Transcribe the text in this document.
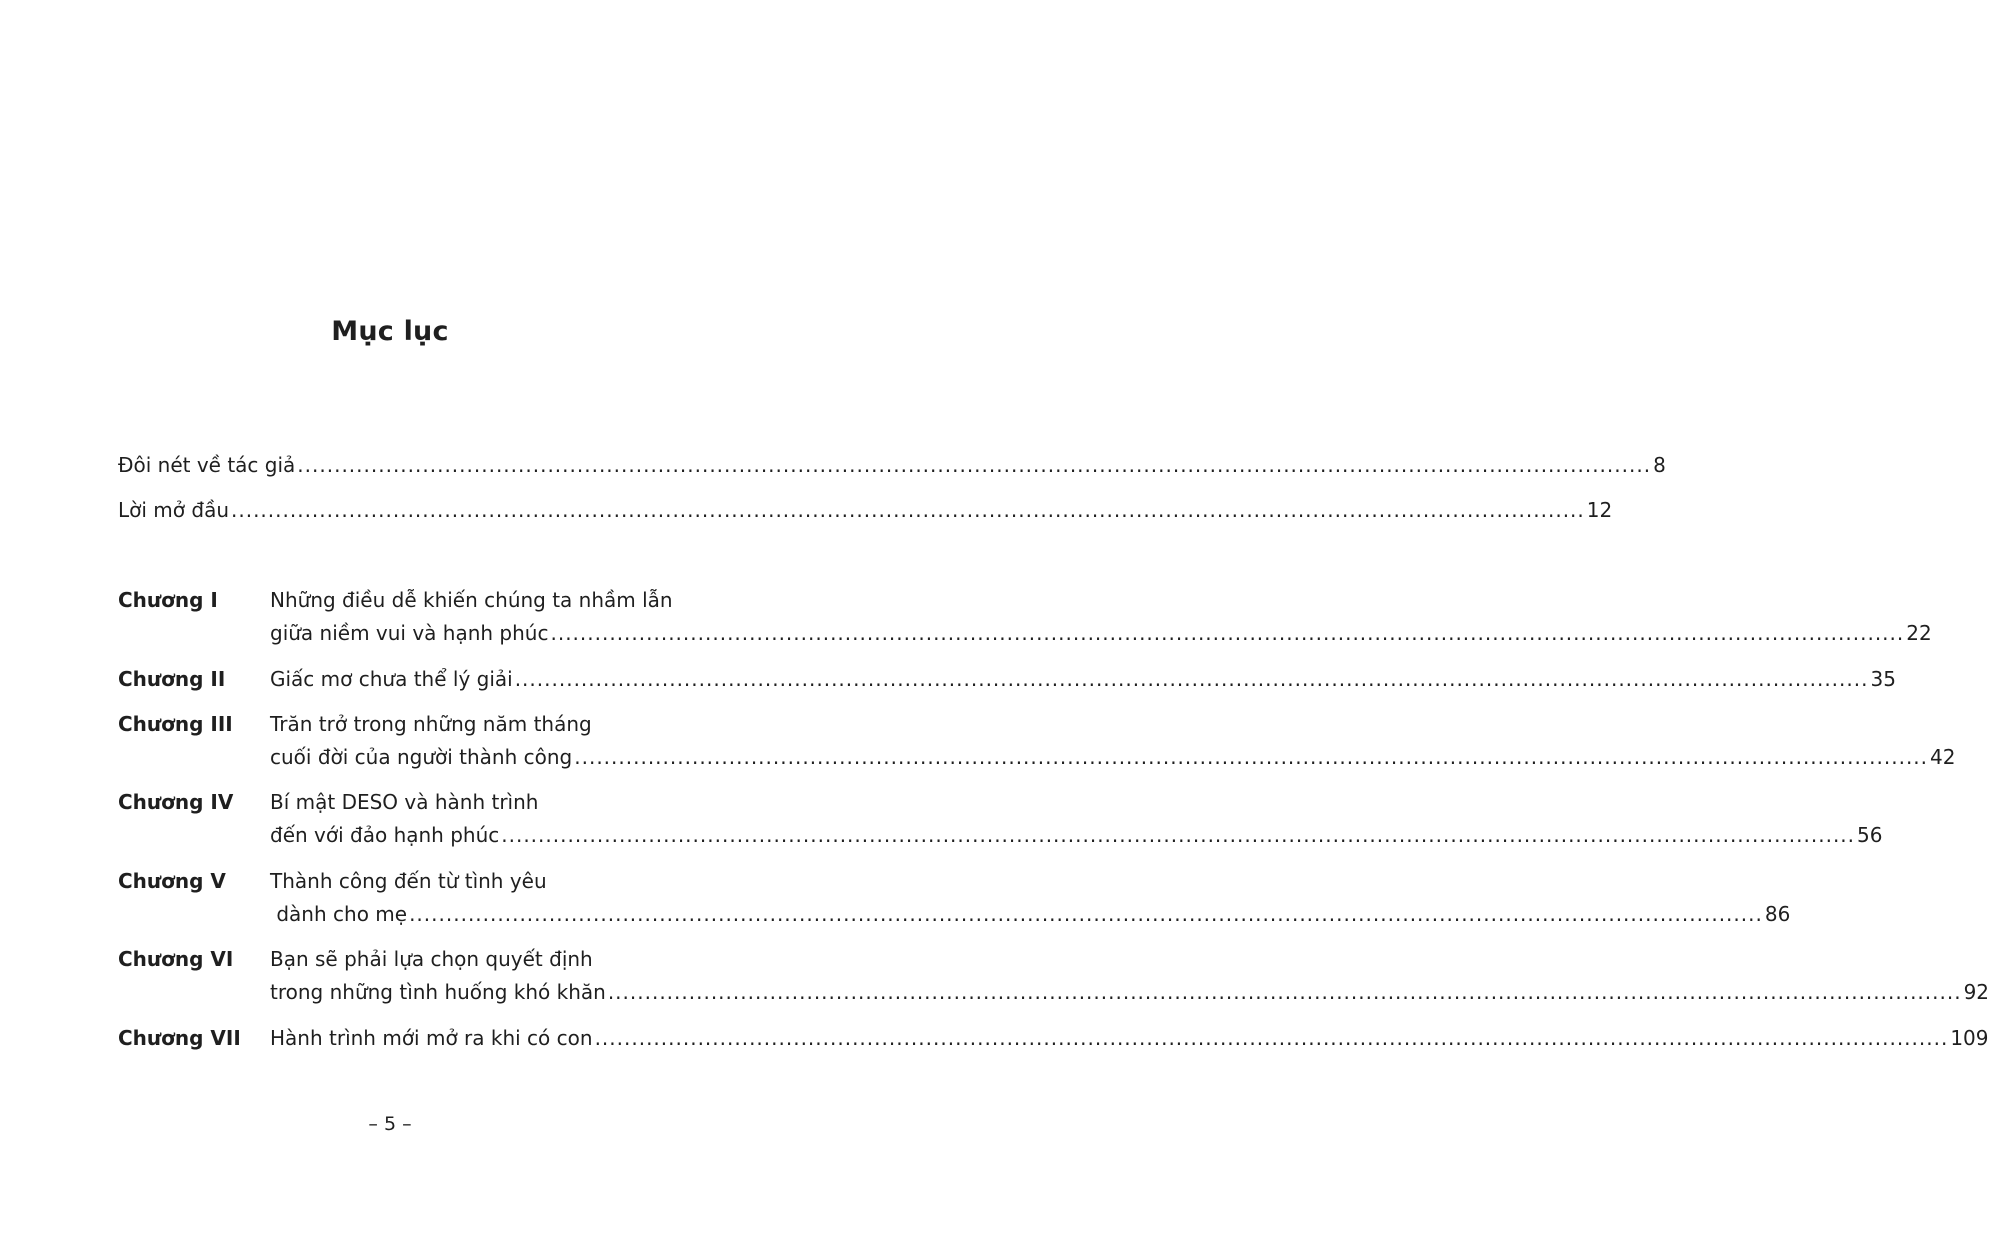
Mục lục
Đôi nét về tác giả .....	8
Lời mở đầu .....	12
Chương I	Những điều dễ khiến chúng ta nhầm lẫn
giữa niềm vui và hạnh phúc .....	22
Chương II	Giấc mơ chưa thể lý giải .....	35
Chương III	Trăn trở trong những năm tháng
cuối đời của người thành công .....	42
Chương IV	Bí mật DESO và hành trình
đến với đảo hạnh phúc .....	56
Chương V	Thành công đến từ tình yêu
dành cho mẹ .....	86
Chương VI	Bạn sẽ phải lựa chọn quyết định
trong những tình huống khó khăn .....	92
Chương VII	Hành trình mới mở ra khi có con .....	109
– 5 –
